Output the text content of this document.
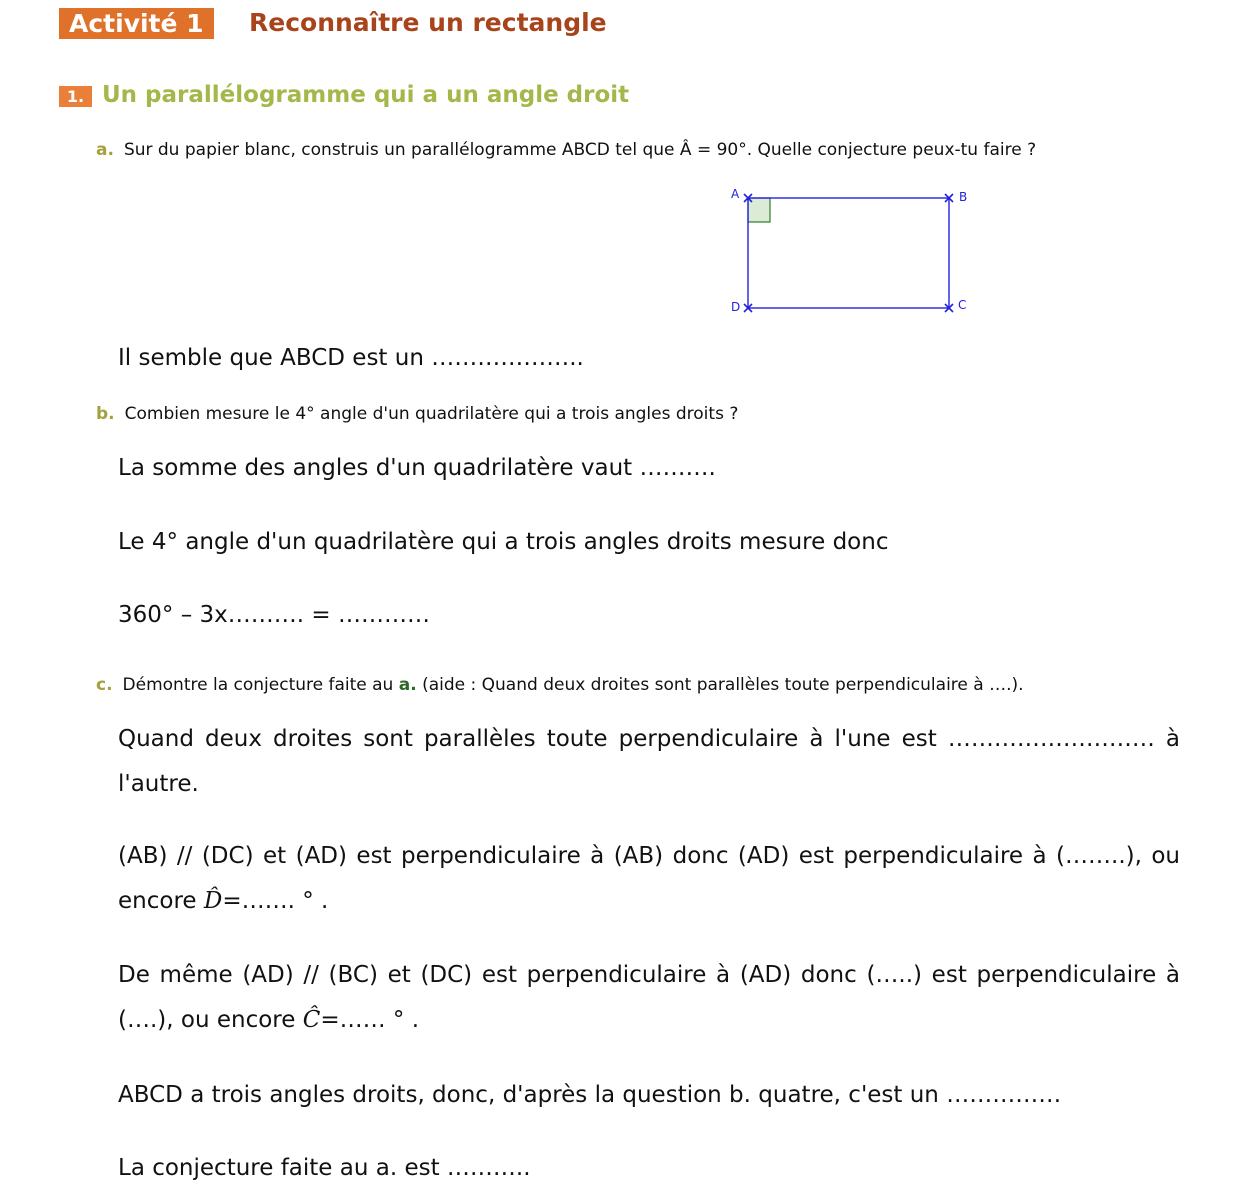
Activité 1	Reconnaître un rectangle
1. Un parallélogramme qui a un angle droit
a. Sur du papier blanc, construis un parallélogramme ABCD tel que Â = 90°. Quelle conjecture peux-tu faire ?
A	B
C
D
Il semble que ABCD est un ………………..
b. Combien mesure le 4° angle d'un quadrilatère qui a trois angles droits ?
La somme des angles d'un quadrilatère vaut ……….
Le 4° angle d'un quadrilatère qui a trois angles droits mesure donc
360° – 3x………. = …………
c. Démontre la conjecture faite au a. (aide : Quand deux droites sont parallèles toute perpendiculaire à ….).
Quand deux droites sont parallèles toute perpendiculaire à l'une est ……………………… à l'autre.
(AB) // (DC) et (AD) est perpendiculaire à (AB) donc (AD) est perpendiculaire à (……..), ou encore D̂=……. ° .
De même (AD) // (BC) et (DC) est perpendiculaire à (AD) donc (…..) est perpendiculaire à (….), ou encore Ĉ=…… ° .
ABCD a trois angles droits, donc, d'après la question b. quatre, c'est un ……………
La conjecture faite au a. est ………..
